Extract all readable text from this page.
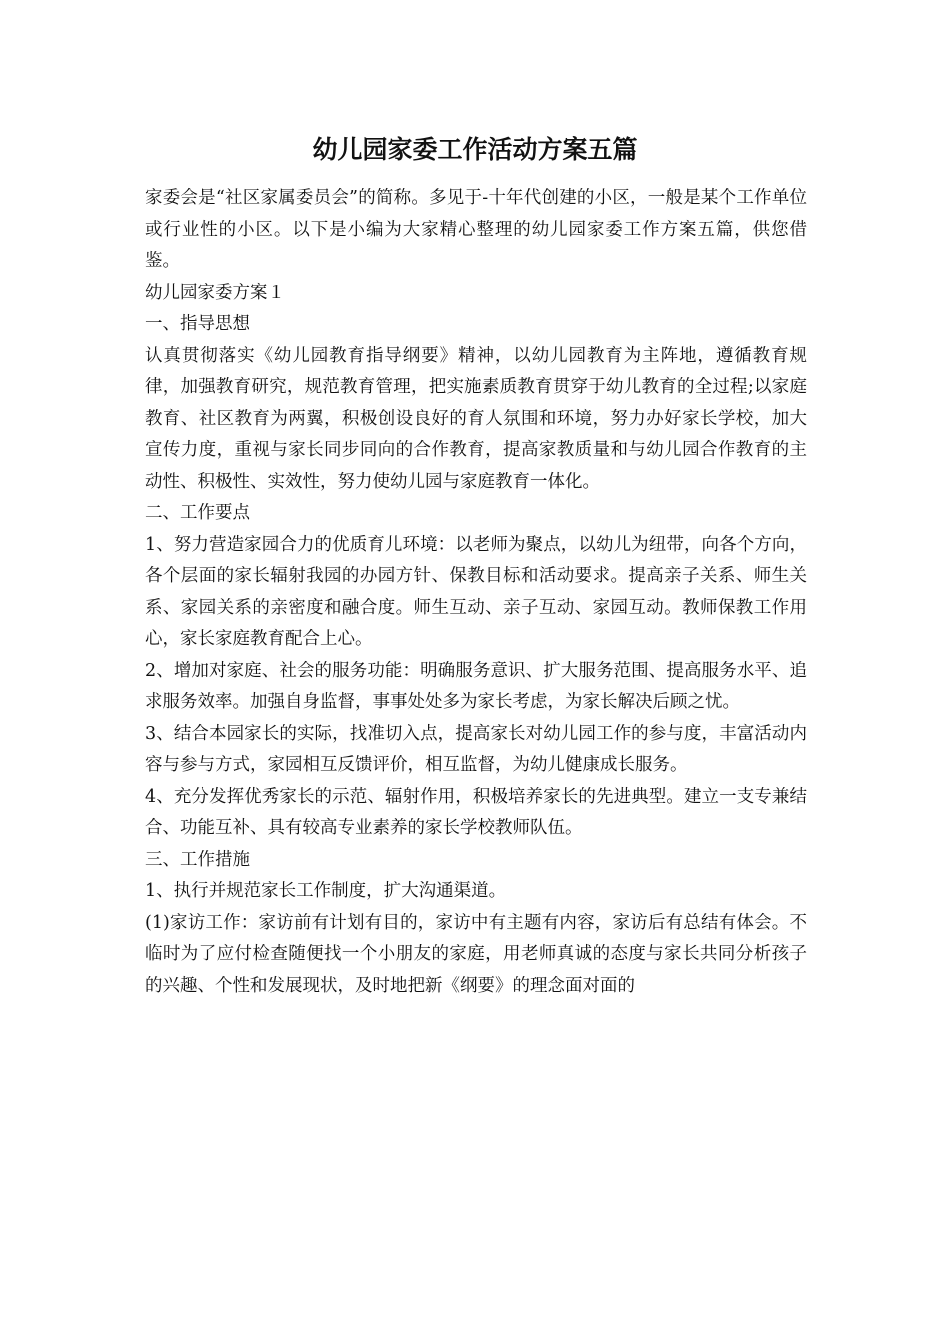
幼儿园家委工作活动方案五篇

家委会是“社区家属委员会”的简称。多见于-十年代创建的小区，一般是某个工作单位或行业性的小区。以下是小编为大家精心整理的幼儿园家委工作方案五篇，供您借鉴。

幼儿园家委方案１

一、指导思想

认真贯彻落实《幼儿园教育指导纲要》精神，以幼儿园教育为主阵地，遵循教育规律，加强教育研究，规范教育管理，把实施素质教育贯穿于幼儿教育的全过程;以家庭教育、社区教育为两翼，积极创设良好的育人氛围和环境，努力办好家长学校，加大宣传力度，重视与家长同步同向的合作教育，提高家教质量和与幼儿园合作教育的主动性、积极性、实效性，努力使幼儿园与家庭教育一体化。

二、工作要点

1、努力营造家园合力的优质育儿环境：以老师为聚点，以幼儿为纽带，向各个方向，各个层面的家长辐射我园的办园方针、保教目标和活动要求。提高亲子关系、师生关系、家园关系的亲密度和融合度。师生互动、亲子互动、家园互动。教师保教工作用心，家长家庭教育配合上心。

2、增加对家庭、社会的服务功能：明确服务意识、扩大服务范围、提高服务水平、追求服务效率。加强自身监督，事事处处多为家长考虑，为家长解决后顾之忧。

3、结合本园家长的实际，找准切入点，提高家长对幼儿园工作的参与度，丰富活动内容与参与方式，家园相互反馈评价，相互监督，为幼儿健康成长服务。

4、充分发挥优秀家长的示范、辐射作用，积极培养家长的先进典型。建立一支专兼结合、功能互补、具有较高专业素养的家长学校教师队伍。

三、工作措施

1、执行并规范家长工作制度，扩大沟通渠道。

(1)家访工作：家访前有计划有目的，家访中有主题有内容，家访后有总结有体会。不临时为了应付检查随便找一个小朋友的家庭，用老师真诚的态度与家长共同分析孩子的兴趣、个性和发展现状，及时地把新《纲要》的理念面对面的
